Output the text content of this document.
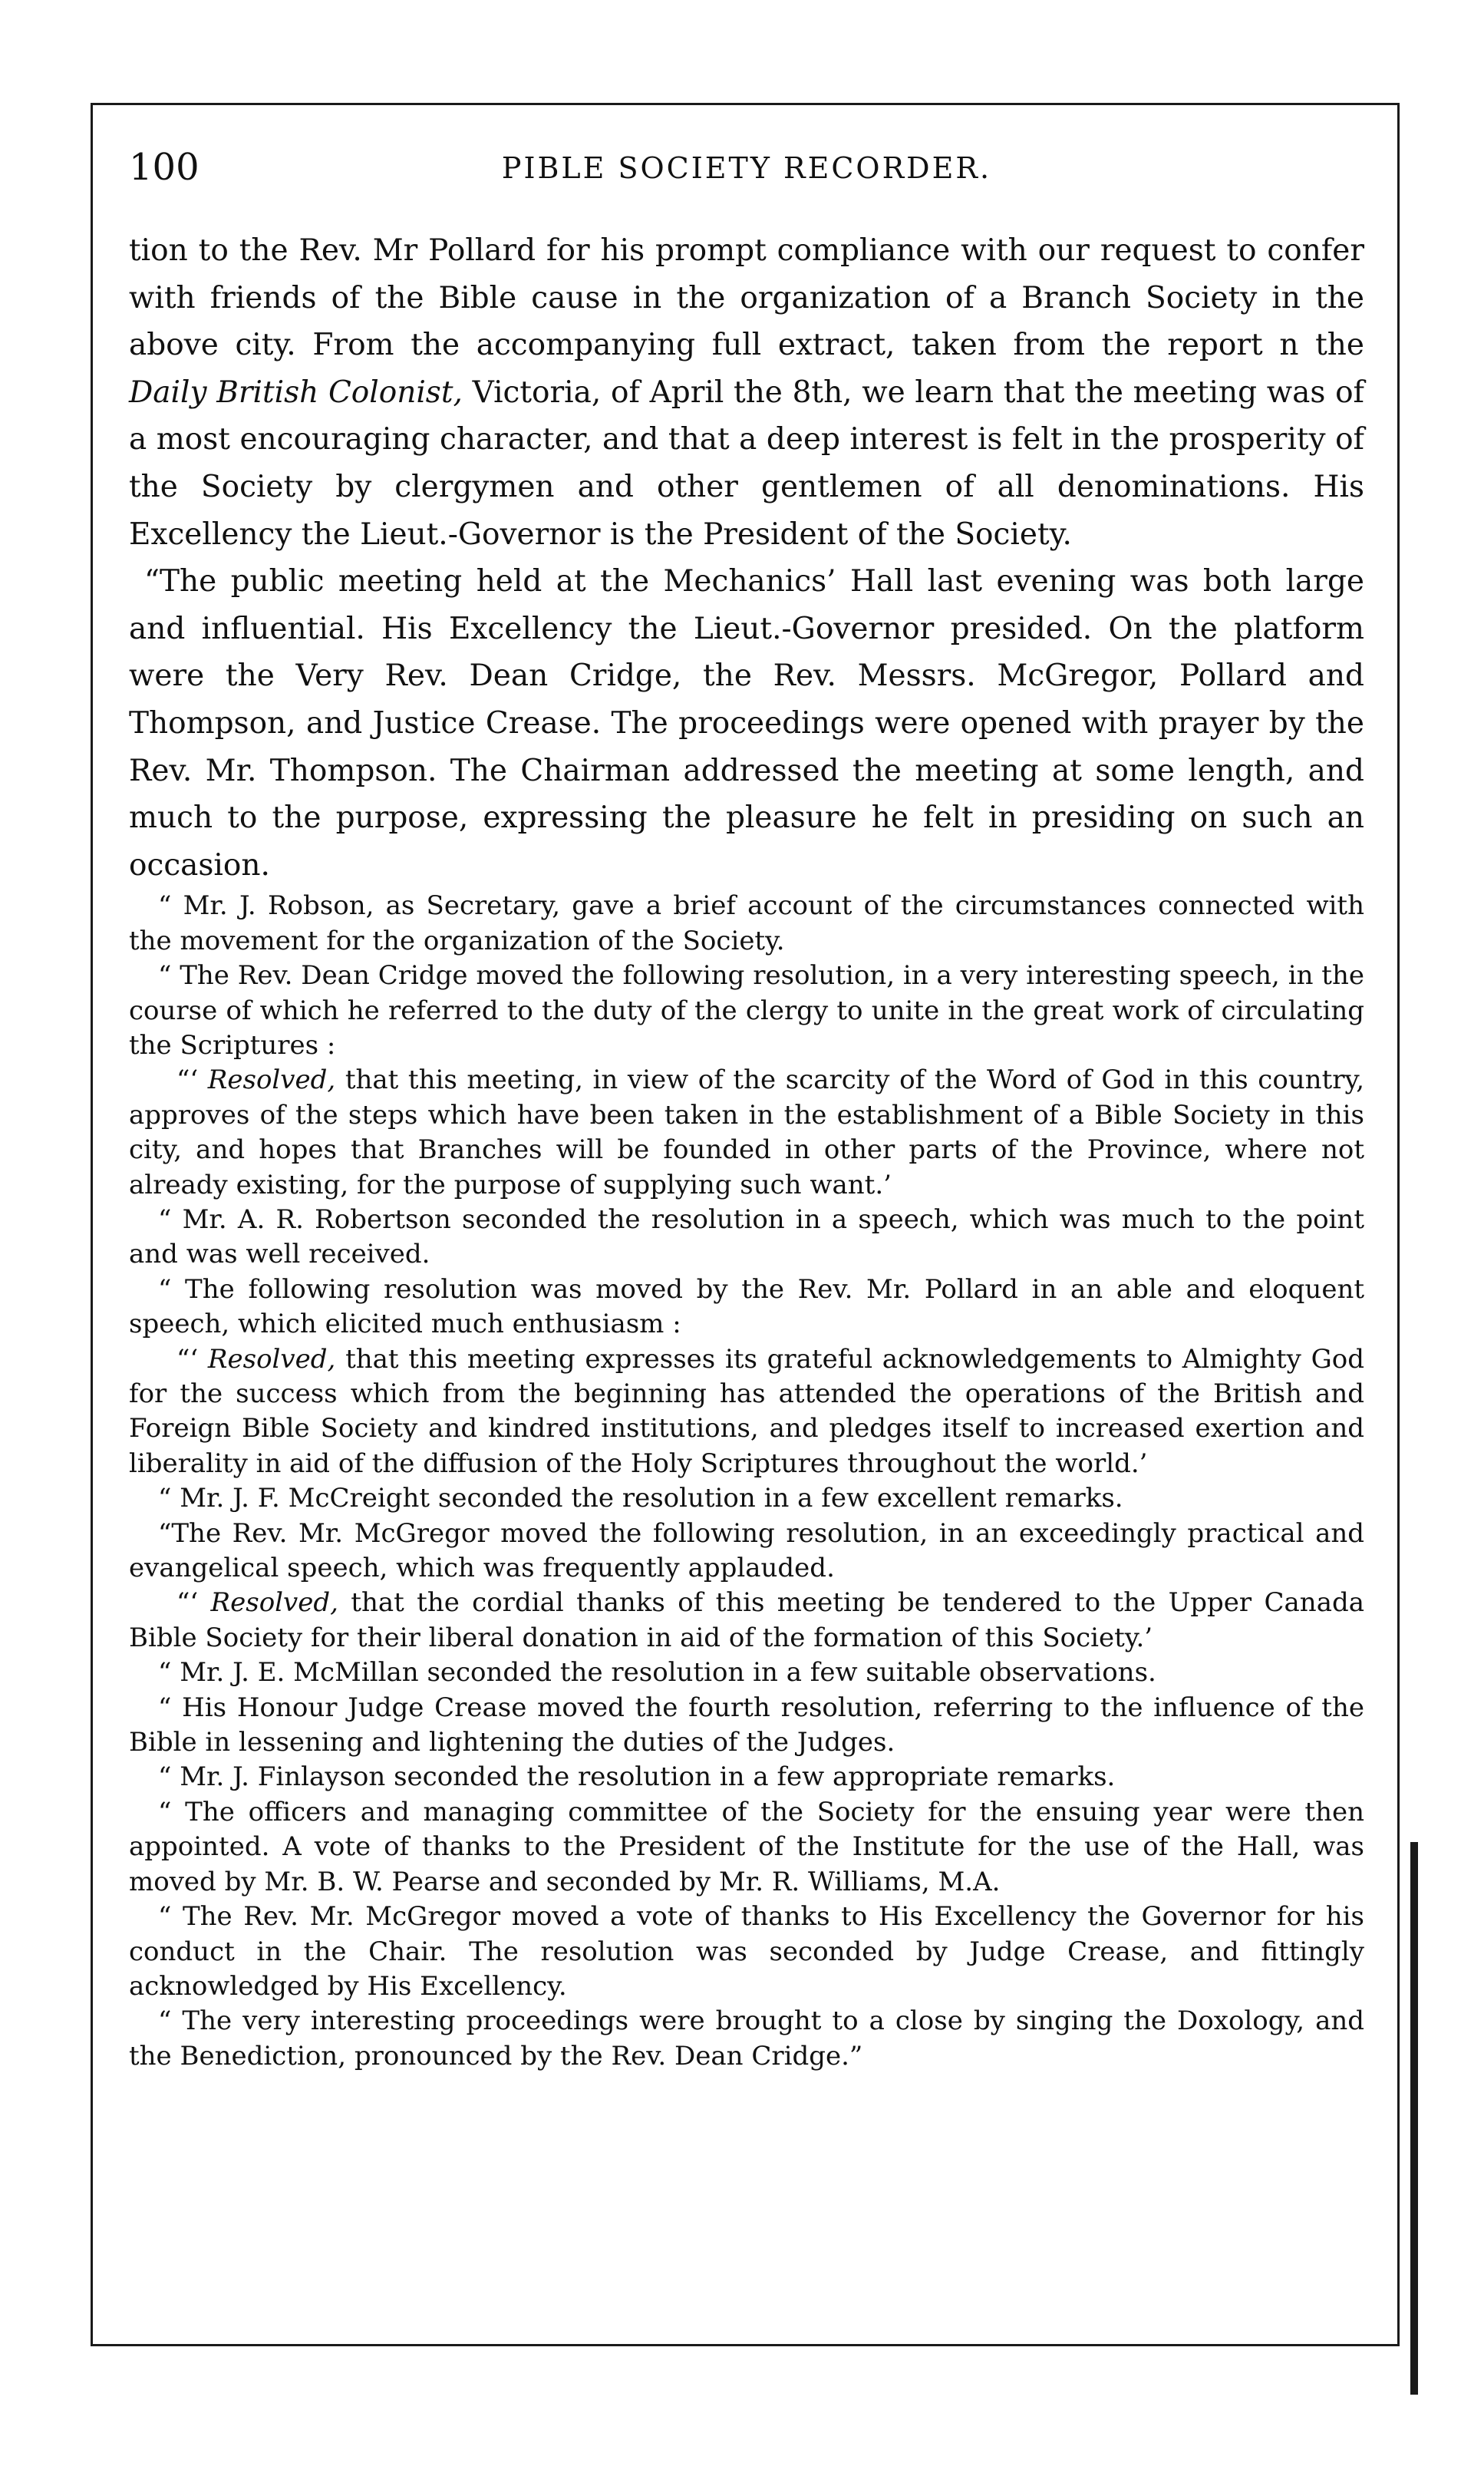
100	PIBLE SOCIETY RECORDER.

tion to the Rev. Mr Pollard for his prompt compliance with our request to confer with friends of the Bible cause in the organization of a Branch Society in the above city. From the accompanying full extract, taken from the report n the Daily British Colonist, Victoria, of April the 8th, we learn that the meeting was of a most encouraging character, and that a deep interest is felt in the prosperity of the Society by clergymen and other gentlemen of all denominations. His Excellency the Lieut.-Governor is the President of the Society.

“The public meeting held at the Mechanics’ Hall last evening was both large and influential. His Excellency the Lieut.-Governor presided. On the platform were the Very Rev. Dean Cridge, the Rev. Messrs. McGregor, Pollard and Thompson, and Justice Crease. The proceedings were opened with prayer by the Rev. Mr. Thompson. The Chairman addressed the meeting at some length, and much to the purpose, expressing the pleasure he felt in presiding on such an occasion.

“ Mr. J. Robson, as Secretary, gave a brief account of the circumstances connected with the movement for the organization of the Society.

“ The Rev. Dean Cridge moved the following resolution, in a very interesting speech, in the course of which he referred to the duty of the clergy to unite in the great work of circulating the Scriptures :

“‘ Resolved, that this meeting, in view of the scarcity of the Word of God in this country, approves of the steps which have been taken in the establishment of a Bible Society in this city, and hopes that Branches will be founded in other parts of the Province, where not already existing, for the purpose of supplying such want.’

“ Mr. A. R. Robertson seconded the resolution in a speech, which was much to the point and was well received.

“ The following resolution was moved by the Rev. Mr. Pollard in an able and eloquent speech, which elicited much enthusiasm :

“‘ Resolved, that this meeting expresses its grateful acknowledgements to Almighty God for the success which from the beginning has attended the operations of the British and Foreign Bible Society and kindred institutions, and pledges itself to increased exertion and liberality in aid of the diffusion of the Holy Scriptures throughout the world.’

“ Mr. J. F. McCreight seconded the resolution in a few excellent remarks.

“The Rev. Mr. McGregor moved the following resolution, in an exceedingly practical and evangelical speech, which was frequently applauded.

“‘ Resolved, that the cordial thanks of this meeting be tendered to the Upper Canada Bible Society for their liberal donation in aid of the formation of this Society.’

“ Mr. J. E. McMillan seconded the resolution in a few suitable observations.

“ His Honour Judge Crease moved the fourth resolution, referring to the influence of the Bible in lessening and lightening the duties of the Judges.

“ Mr. J. Finlayson seconded the resolution in a few appropriate remarks.

“ The officers and managing committee of the Society for the ensuing year were then appointed. A vote of thanks to the President of the Institute for the use of the Hall, was moved by Mr. B. W. Pearse and seconded by Mr. R. Williams, M.A.

“ The Rev. Mr. McGregor moved a vote of thanks to His Excellency the Governor for his conduct in the Chair. The resolution was seconded by Judge Crease, and fittingly acknowledged by His Excellency.

“ The very interesting proceedings were brought to a close by singing the Doxology, and the Benediction, pronounced by the Rev. Dean Cridge.”
